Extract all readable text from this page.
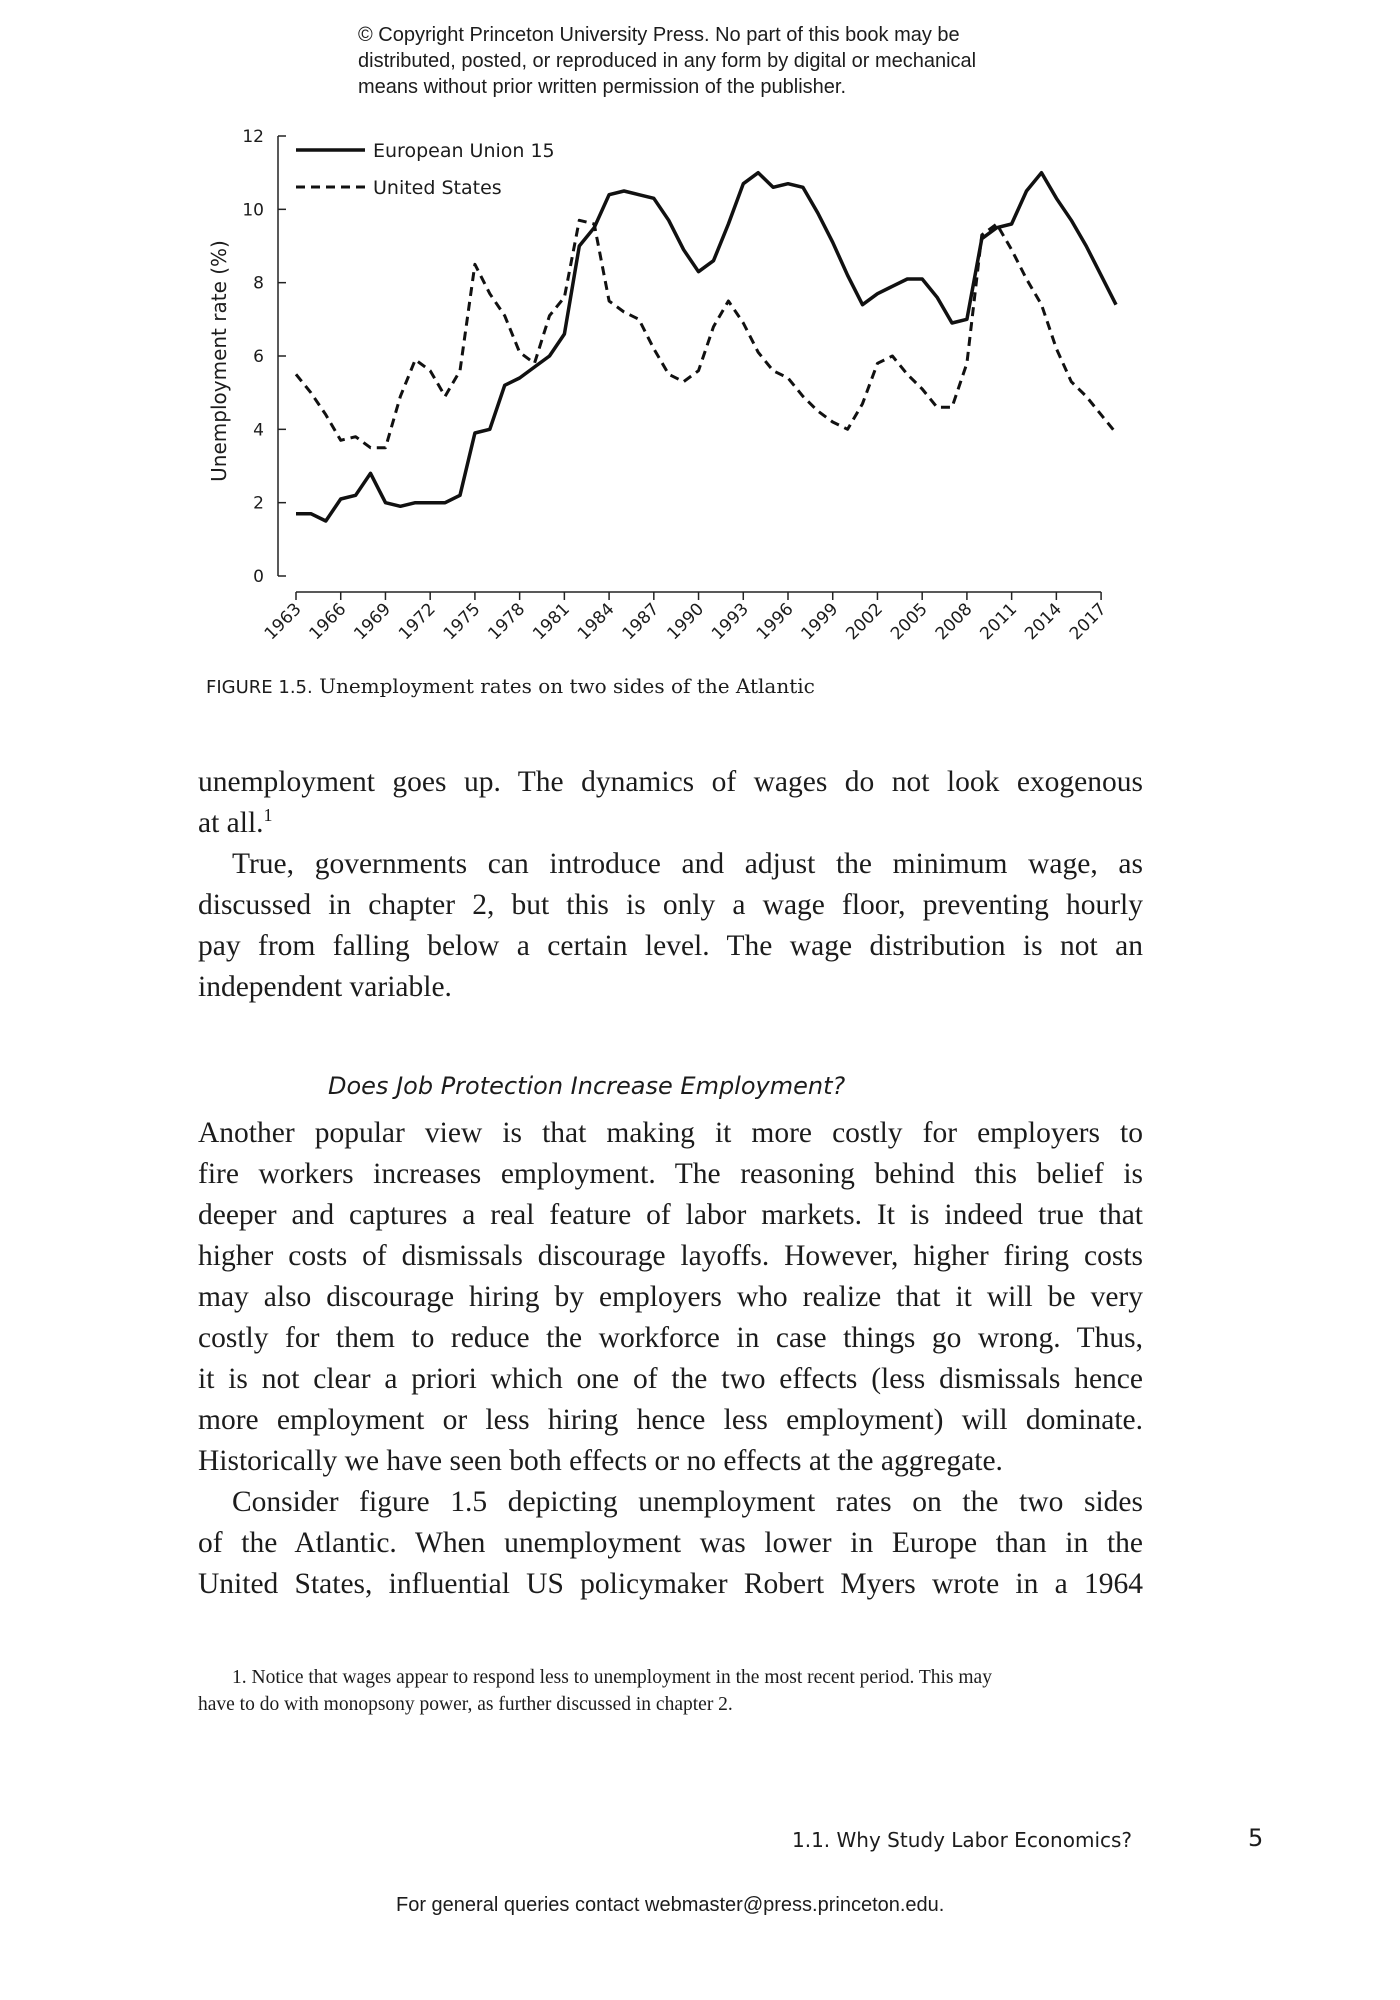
© Copyright Princeton University Press. No part of this book may be
distributed, posted, or reproduced in any form by digital or mechanical
means without prior written permission of the publisher.
Unemployment rate (%)
0
2
4
6
8
10
12
1963 1966 1969 1972 1975 1978 1981 1984 1987 1990 1993 1996 1999 2002 2005 2008 2011 2014 2017
European Union 15
United States
FIGURE 1.5. Unemployment rates on two sides of the Atlantic

unemployment goes up. The dynamics of wages do not look exogenous
at all.$^1$

True, governments can introduce and adjust the minimum wage, as
discussed in chapter 2, but this is only a wage floor, preventing hourly
pay from falling below a certain level. The wage distribution is not an
independent variable.

Does Job Protection Increase Employment?

Another popular view is that making it more costly for employers to
fire workers increases employment. The reasoning behind this belief is
deeper and captures a real feature of labor markets. It is indeed true that
higher costs of dismissals discourage layoffs. However, higher firing costs
may also discourage hiring by employers who realize that it will be very
costly for them to reduce the workforce in case things go wrong. Thus,
it is not clear a priori which one of the two effects (less dismissals hence
more employment or less hiring hence less employment) will dominate.
Historically we have seen both effects or no effects at the aggregate.

Consider figure 1.5 depicting unemployment rates on the two sides
of the Atlantic. When unemployment was lower in Europe than in the
United States, influential US policymaker Robert Myers wrote in a 1964

1. Notice that wages appear to respond less to unemployment in the most recent period. This may
have to do with monopsony power, as further discussed in chapter 2.
1.1. Why Study Labor Economics?	5
For general queries contact webmaster@press.princeton.edu.
